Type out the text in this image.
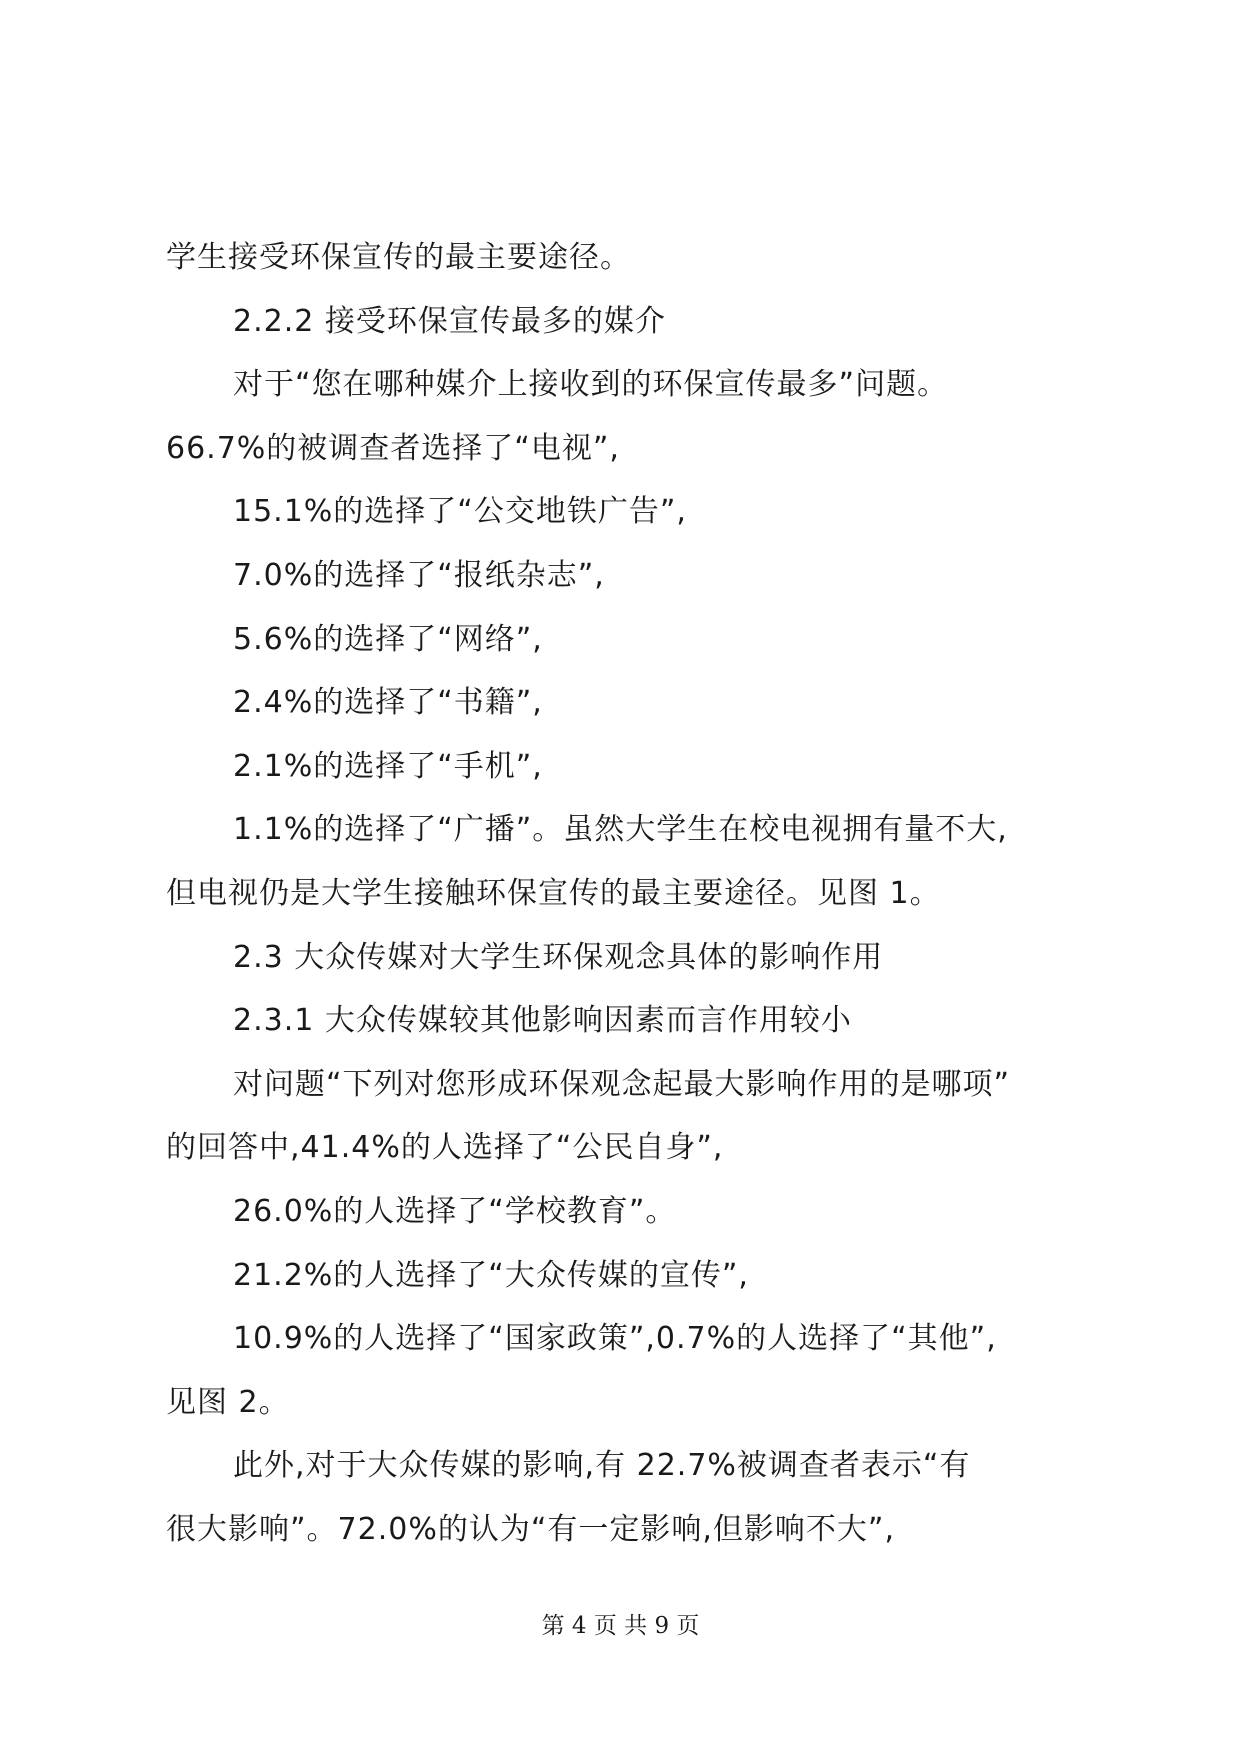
学生接受环保宣传的最主要途径。
2.2.2 接受环保宣传最多的媒介
对于“您在哪种媒介上接收到的环保宣传最多”问题。
66.7%的被调查者选择了“电视”,
15.1%的选择了“公交地铁广告”,
7.0%的选择了“报纸杂志”,
5.6%的选择了“网络”,
2.4%的选择了“书籍”,
2.1%的选择了“手机”,
1.1%的选择了“广播”。虽然大学生在校电视拥有量不大,
但电视仍是大学生接触环保宣传的最主要途径。见图 1。
2.3 大众传媒对大学生环保观念具体的影响作用
2.3.1 大众传媒较其他影响因素而言作用较小
对问题“下列对您形成环保观念起最大影响作用的是哪项”
的回答中,41.4%的人选择了“公民自身”,
26.0%的人选择了“学校教育”。
21.2%的人选择了“大众传媒的宣传”,
10.9%的人选择了“国家政策”,0.7%的人选择了“其他”,
见图 2。
此外,对于大众传媒的影响,有 22.7%被调查者表示“有
很大影响”。72.0%的认为“有一定影响,但影响不大”,
第 4 页 共 9 页
